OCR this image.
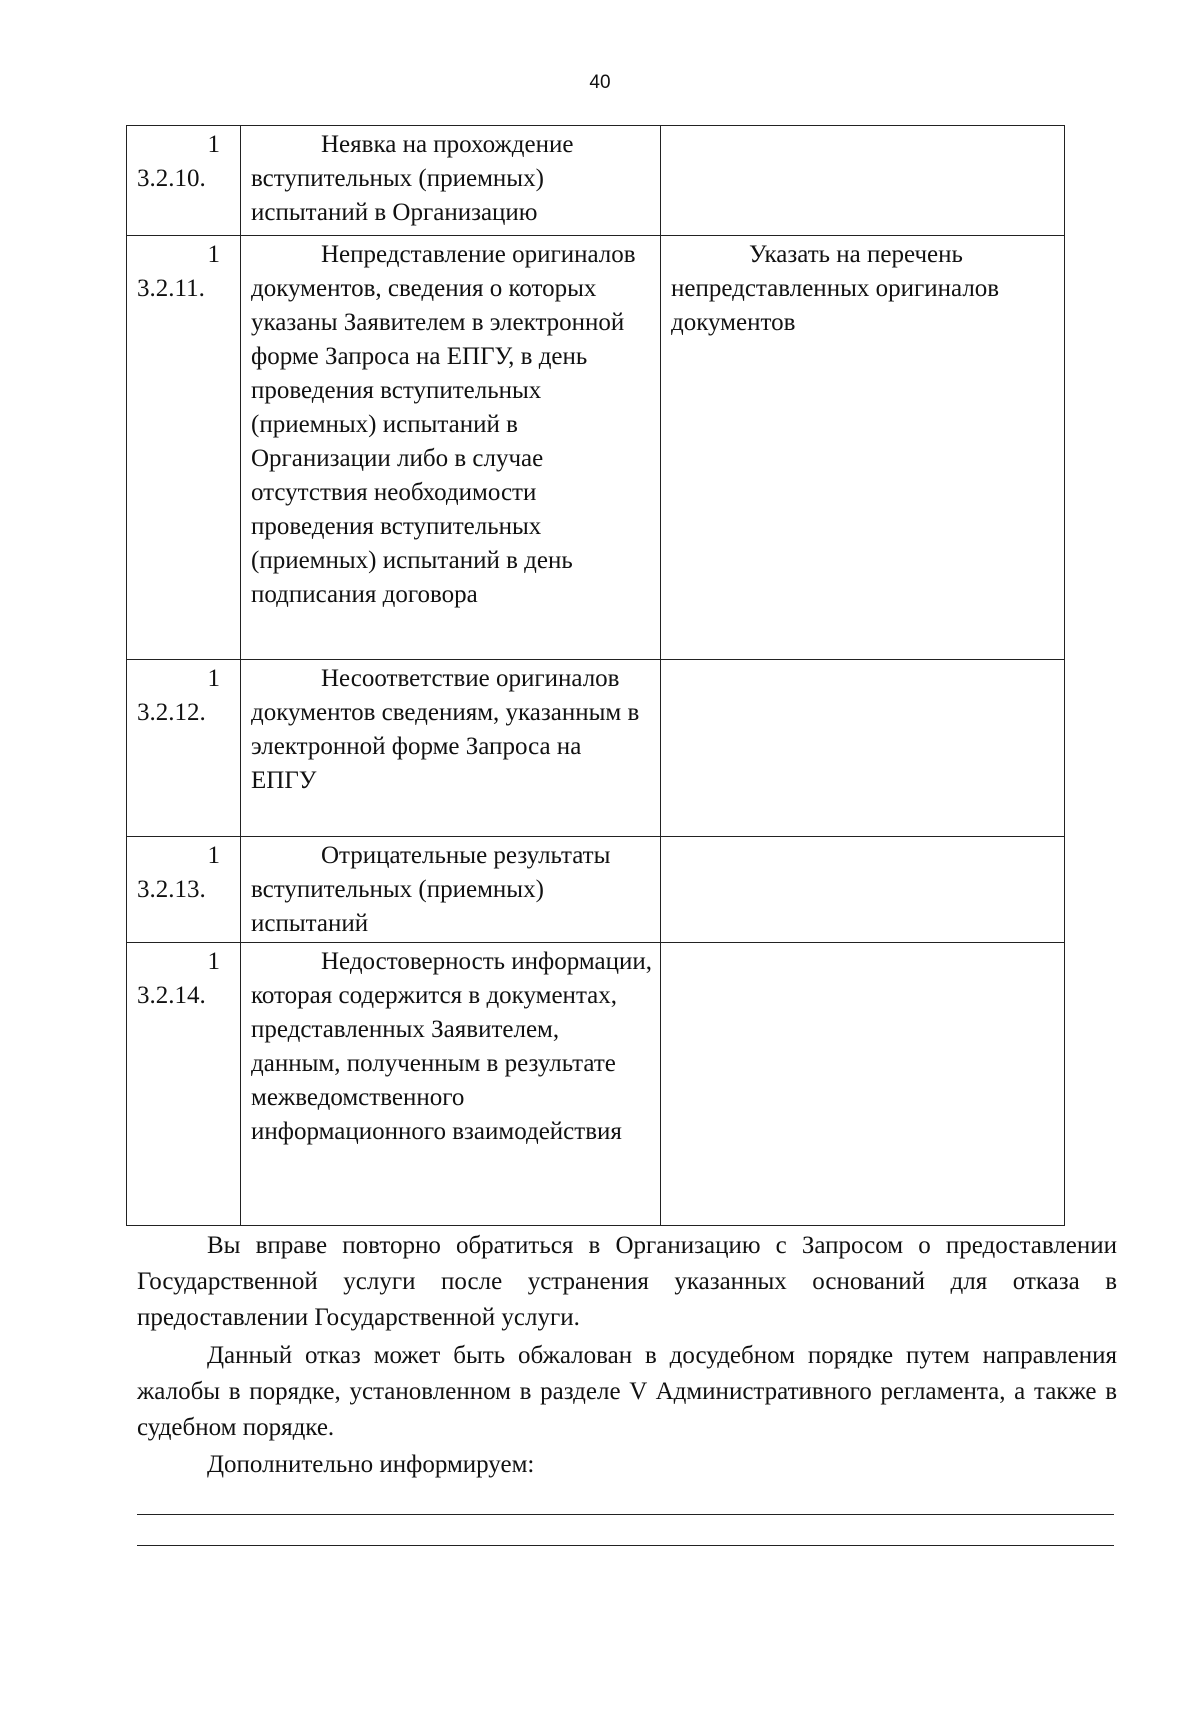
40
1
3.2.10.	Неявка на прохождение вступительных (приемных) испытаний в Организацию	

1
3.2.11.	Непредставление оригиналов документов, сведения о которых указаны Заявителем в электронной форме Запроса на ЕПГУ, в день проведения вступительных (приемных) испытаний в Организации либо в случае отсутствия необходимости проведения вступительных (приемных) испытаний в день подписания договора	Указать на перечень непредставленных оригиналов документов

1
3.2.12.	Несоответствие оригиналов документов сведениям, указанным в электронной форме Запроса на ЕПГУ	

1
3.2.13.	Отрицательные результаты вступительных (приемных) испытаний	

1
3.2.14.	Недостоверность информации, которая содержится в документах, представленных Заявителем, данным, полученным в результате межведомственного информационного взаимодействия	

Вы вправе повторно обратиться в Организацию с Запросом о предоставлении Государственной услуги после устранения указанных оснований для отказа в предоставлении Государственной услуги.

Данный отказ может быть обжалован в досудебном порядке путем направления жалобы в порядке, установленном в разделе V Административного регламента, а также в судебном порядке.

Дополнительно информируем:
